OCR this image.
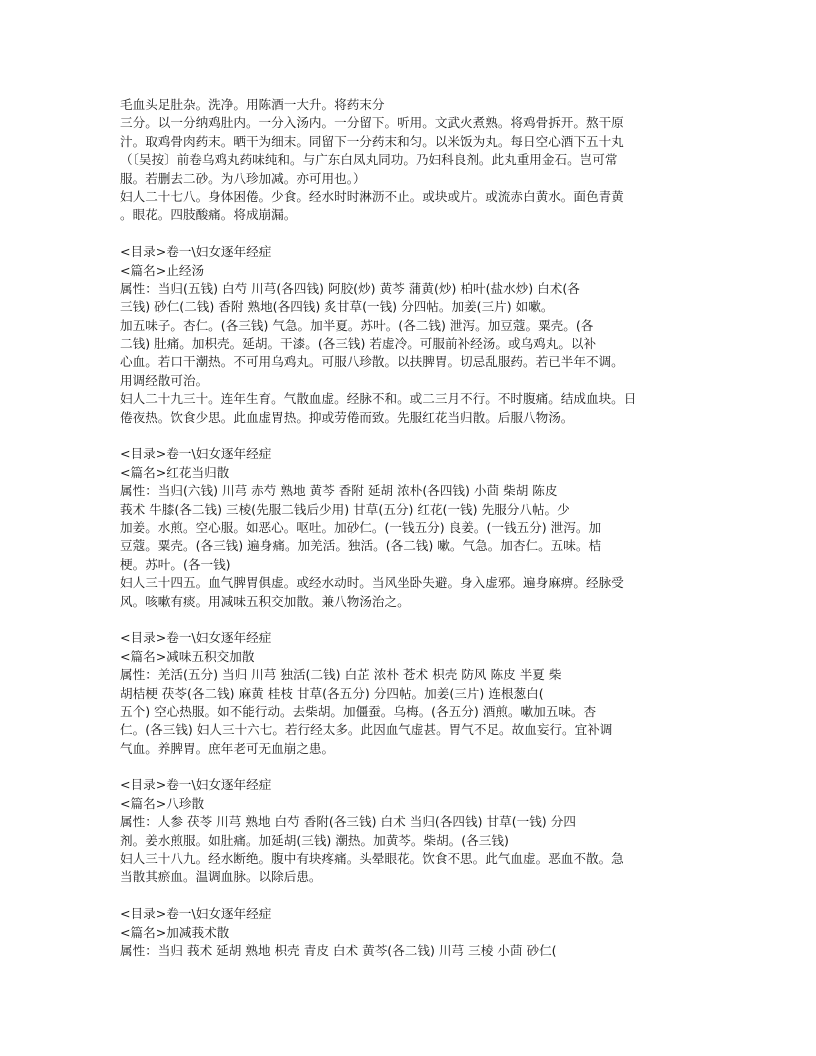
毛血头足肚杂。洗净。用陈酒一大升。将药末分
三分。以一分纳鸡肚内。一分入汤内。一分留下。听用。文武火煮熟。将鸡骨拆开。熬干原
汁。取鸡骨肉药末。晒干为细末。同留下一分药末和匀。以米饭为丸。每日空心酒下五十丸
（〔吴按〕前卷乌鸡丸药味纯和。与广东白凤丸同功。乃妇科良剂。此丸重用金石。岂可常
服。若删去二砂。为八珍加减。亦可用也。）
妇人二十七八。身体困倦。少食。经水时时淋沥不止。或块或片。或流赤白黄水。面色青黄
。眼花。四肢酸痛。将成崩漏。
<目录>卷一\妇女逐年经症
<篇名>止经汤
属性：当归(五钱) 白芍 川芎(各四钱) 阿胶(炒) 黄芩 蒲黄(炒) 柏叶(盐水炒) 白术(各
三钱) 砂仁(二钱) 香附 熟地(各四钱) 炙甘草(一钱) 分四帖。加姜(三片) 如嗽。
加五味子。杏仁。(各三钱) 气急。加半夏。苏叶。(各二钱) 泄泻。加豆蔻。粟壳。(各
二钱) 肚痛。加枳壳。延胡。干漆。(各三钱) 若虚冷。可服前补经汤。或乌鸡丸。以补
心血。若口干潮热。不可用乌鸡丸。可服八珍散。以扶脾胃。切忌乱服药。若已半年不调。
用调经散可治。
妇人二十九三十。连年生育。气散血虚。经脉不和。或二三月不行。不时腹痛。结成血块。日
倦夜热。饮食少思。此血虚胃热。抑或劳倦而致。先服红花当归散。后服八物汤。
<目录>卷一\妇女逐年经症
<篇名>红花当归散
属性：当归(六钱) 川芎 赤芍 熟地 黄芩 香附 延胡 浓朴(各四钱) 小茴 柴胡 陈皮
莪术 牛膝(各二钱) 三棱(先服二钱后少用) 甘草(五分) 红花(一钱) 先服分八帖。少
加姜。水煎。空心服。如恶心。呕吐。加砂仁。(一钱五分) 良姜。(一钱五分) 泄泻。加
豆蔻。粟壳。(各三钱) 遍身痛。加羌活。独活。(各二钱) 嗽。气急。加杏仁。五味。桔
梗。苏叶。(各一钱)
妇人三十四五。血气脾胃俱虚。或经水动时。当风坐卧失避。身入虚邪。遍身麻痹。经脉受
风。咳嗽有痰。用减味五积交加散。兼八物汤治之。
<目录>卷一\妇女逐年经症
<篇名>减味五积交加散
属性：羌活(五分) 当归 川芎 独活(二钱) 白芷 浓朴 苍术 枳壳 防风 陈皮 半夏 柴
胡桔梗 茯苓(各二钱) 麻黄 桂枝 甘草(各五分) 分四帖。加姜(三片) 连根葱白(
五个) 空心热服。如不能行动。去柴胡。加僵蚕。乌梅。(各五分) 酒煎。嗽加五味。杏
仁。(各三钱) 妇人三十六七。若行经太多。此因血气虚甚。胃气不足。故血妄行。宜补调
气血。养脾胃。庶年老可无血崩之患。
<目录>卷一\妇女逐年经症
<篇名>八珍散
属性：人参 茯苓 川芎 熟地 白芍 香附(各三钱) 白术 当归(各四钱) 甘草(一钱) 分四
剂。姜水煎服。如肚痛。加延胡(三钱) 潮热。加黄芩。柴胡。(各三钱)
妇人三十八九。经水断绝。腹中有块疼痛。头晕眼花。饮食不思。此气血虚。恶血不散。急
当散其瘀血。温调血脉。以除后患。
<目录>卷一\妇女逐年经症
<篇名>加减莪术散
属性：当归 莪术 延胡 熟地 枳壳 青皮 白术 黄芩(各二钱) 川芎 三棱 小茴 砂仁(
